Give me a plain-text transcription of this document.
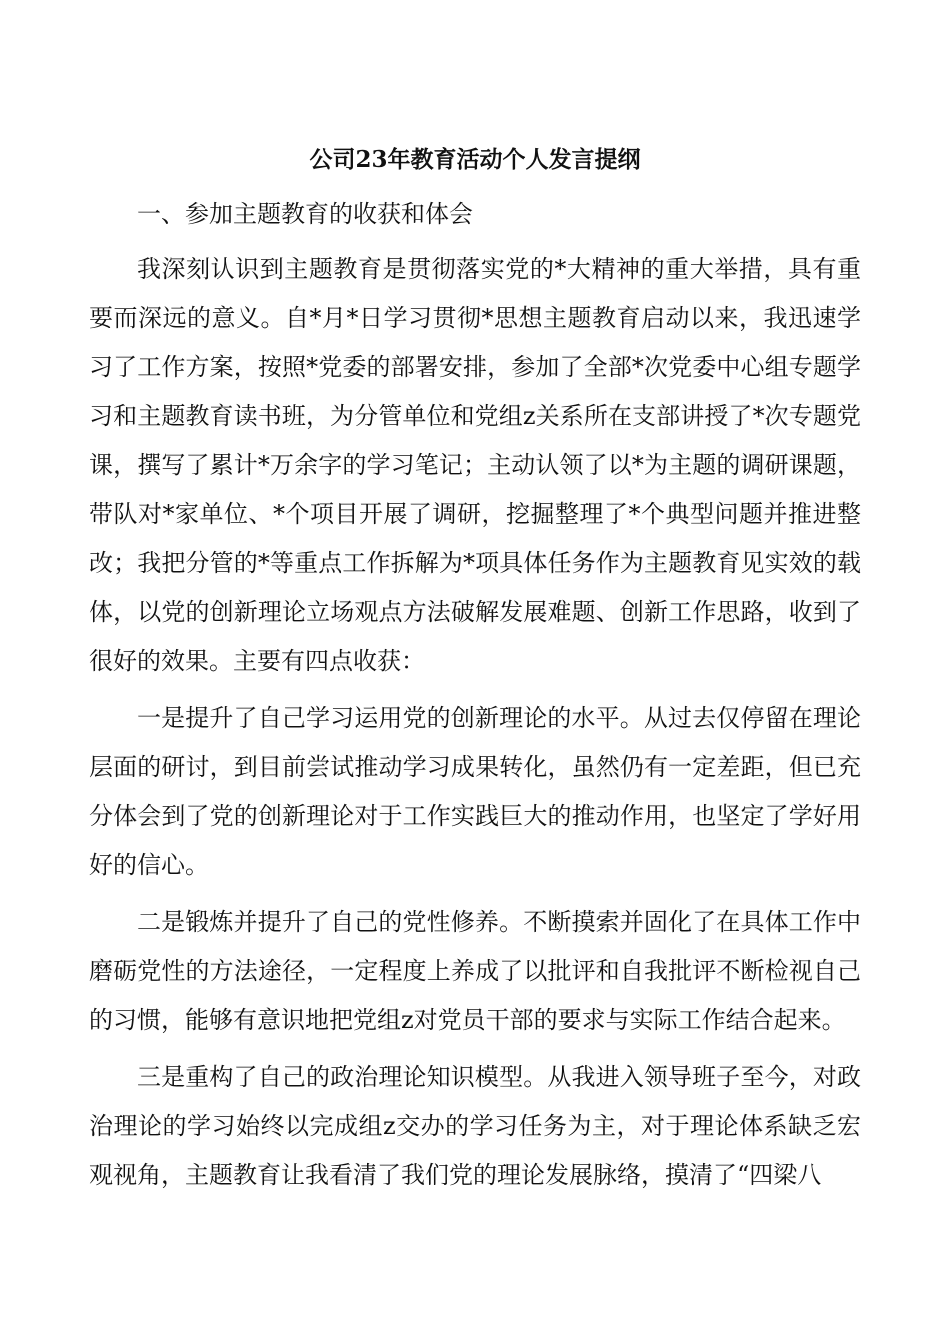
公司23年教育活动个人发言提纲

一、参加主题教育的收获和体会

我深刻认识到主题教育是贯彻落实党的*大精神的重大举措，具有重要而深远的意义。自*月*日学习贯彻*思想主题教育启动以来，我迅速学习了工作方案，按照*党委的部署安排，参加了全部*次党委中心组专题学习和主题教育读书班，为分管单位和党组z关系所在支部讲授了*次专题党课，撰写了累计*万余字的学习笔记；主动认领了以*为主题的调研课题，带队对*家单位、*个项目开展了调研，挖掘整理了*个典型问题并推进整改；我把分管的*等重点工作拆解为*项具体任务作为主题教育见实效的载体，以党的创新理论立场观点方法破解发展难题、创新工作思路，收到了很好的效果。主要有四点收获：

一是提升了自己学习运用党的创新理论的水平。从过去仅停留在理论层面的研讨，到目前尝试推动学习成果转化，虽然仍有一定差距，但已充分体会到了党的创新理论对于工作实践巨大的推动作用，也坚定了学好用好的信心。

二是锻炼并提升了自己的党性修养。不断摸索并固化了在具体工作中磨砺党性的方法途径，一定程度上养成了以批评和自我批评不断检视自己的习惯，能够有意识地把党组z对党员干部的要求与实际工作结合起来。

三是重构了自己的政治理论知识模型。从我进入领导班子至今，对政治理论的学习始终以完成组z交办的学习任务为主，对于理论体系缺乏宏观视角，主题教育让我看清了我们党的理论发展脉络，摸清了“四梁八
